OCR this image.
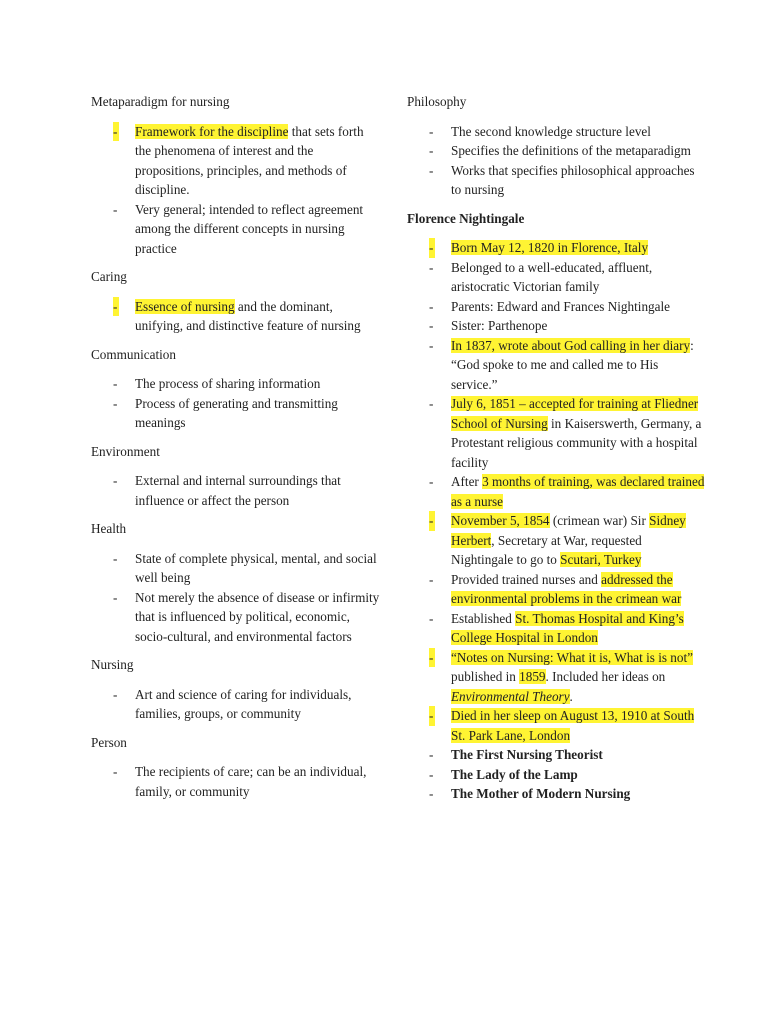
Metaparadigm for nursing

- Framework for the discipline that sets forth the phenomena of interest and the propositions, principles, and methods of discipline.
- Very general; intended to reflect agreement among the different concepts in nursing practice

Caring

- Essence of nursing and the dominant, unifying, and distinctive feature of nursing

Communication

- The process of sharing information
- Process of generating and transmitting meanings

Environment

- External and internal surroundings that influence or affect the person

Health

- State of complete physical, mental, and social well being
- Not merely the absence of disease or infirmity that is influenced by political, economic, socio-cultural, and environmental factors

Nursing

- Art and science of caring for individuals, families, groups, or community

Person

- The recipients of care; can be an individual, family, or community

Philosophy

- The second knowledge structure level
- Specifies the definitions of the metaparadigm
- Works that specifies philosophical approaches to nursing

Florence Nightingale

- Born May 12, 1820 in Florence, Italy
- Belonged to a well-educated, affluent, aristocratic Victorian family
- Parents: Edward and Frances Nightingale
- Sister: Parthenope
- In 1837, wrote about God calling in her diary: “God spoke to me and called me to His service.”
- July 6, 1851 – accepted for training at Fliedner School of Nursing in Kaiserswerth, Germany, a Protestant religious community with a hospital facility
- After 3 months of training, was declared trained as a nurse
- November 5, 1854 (crimean war) Sir Sidney Herbert, Secretary at War, requested Nightingale to go to Scutari, Turkey
- Provided trained nurses and addressed the environmental problems in the crimean war
- Established St. Thomas Hospital and King’s College Hospital in London
- “Notes on Nursing: What it is, What is is not” published in 1859. Included her ideas on Environmental Theory.
- Died in her sleep on August 13, 1910 at South St. Park Lane, London
- The First Nursing Theorist
- The Lady of the Lamp
- The Mother of Modern Nursing
